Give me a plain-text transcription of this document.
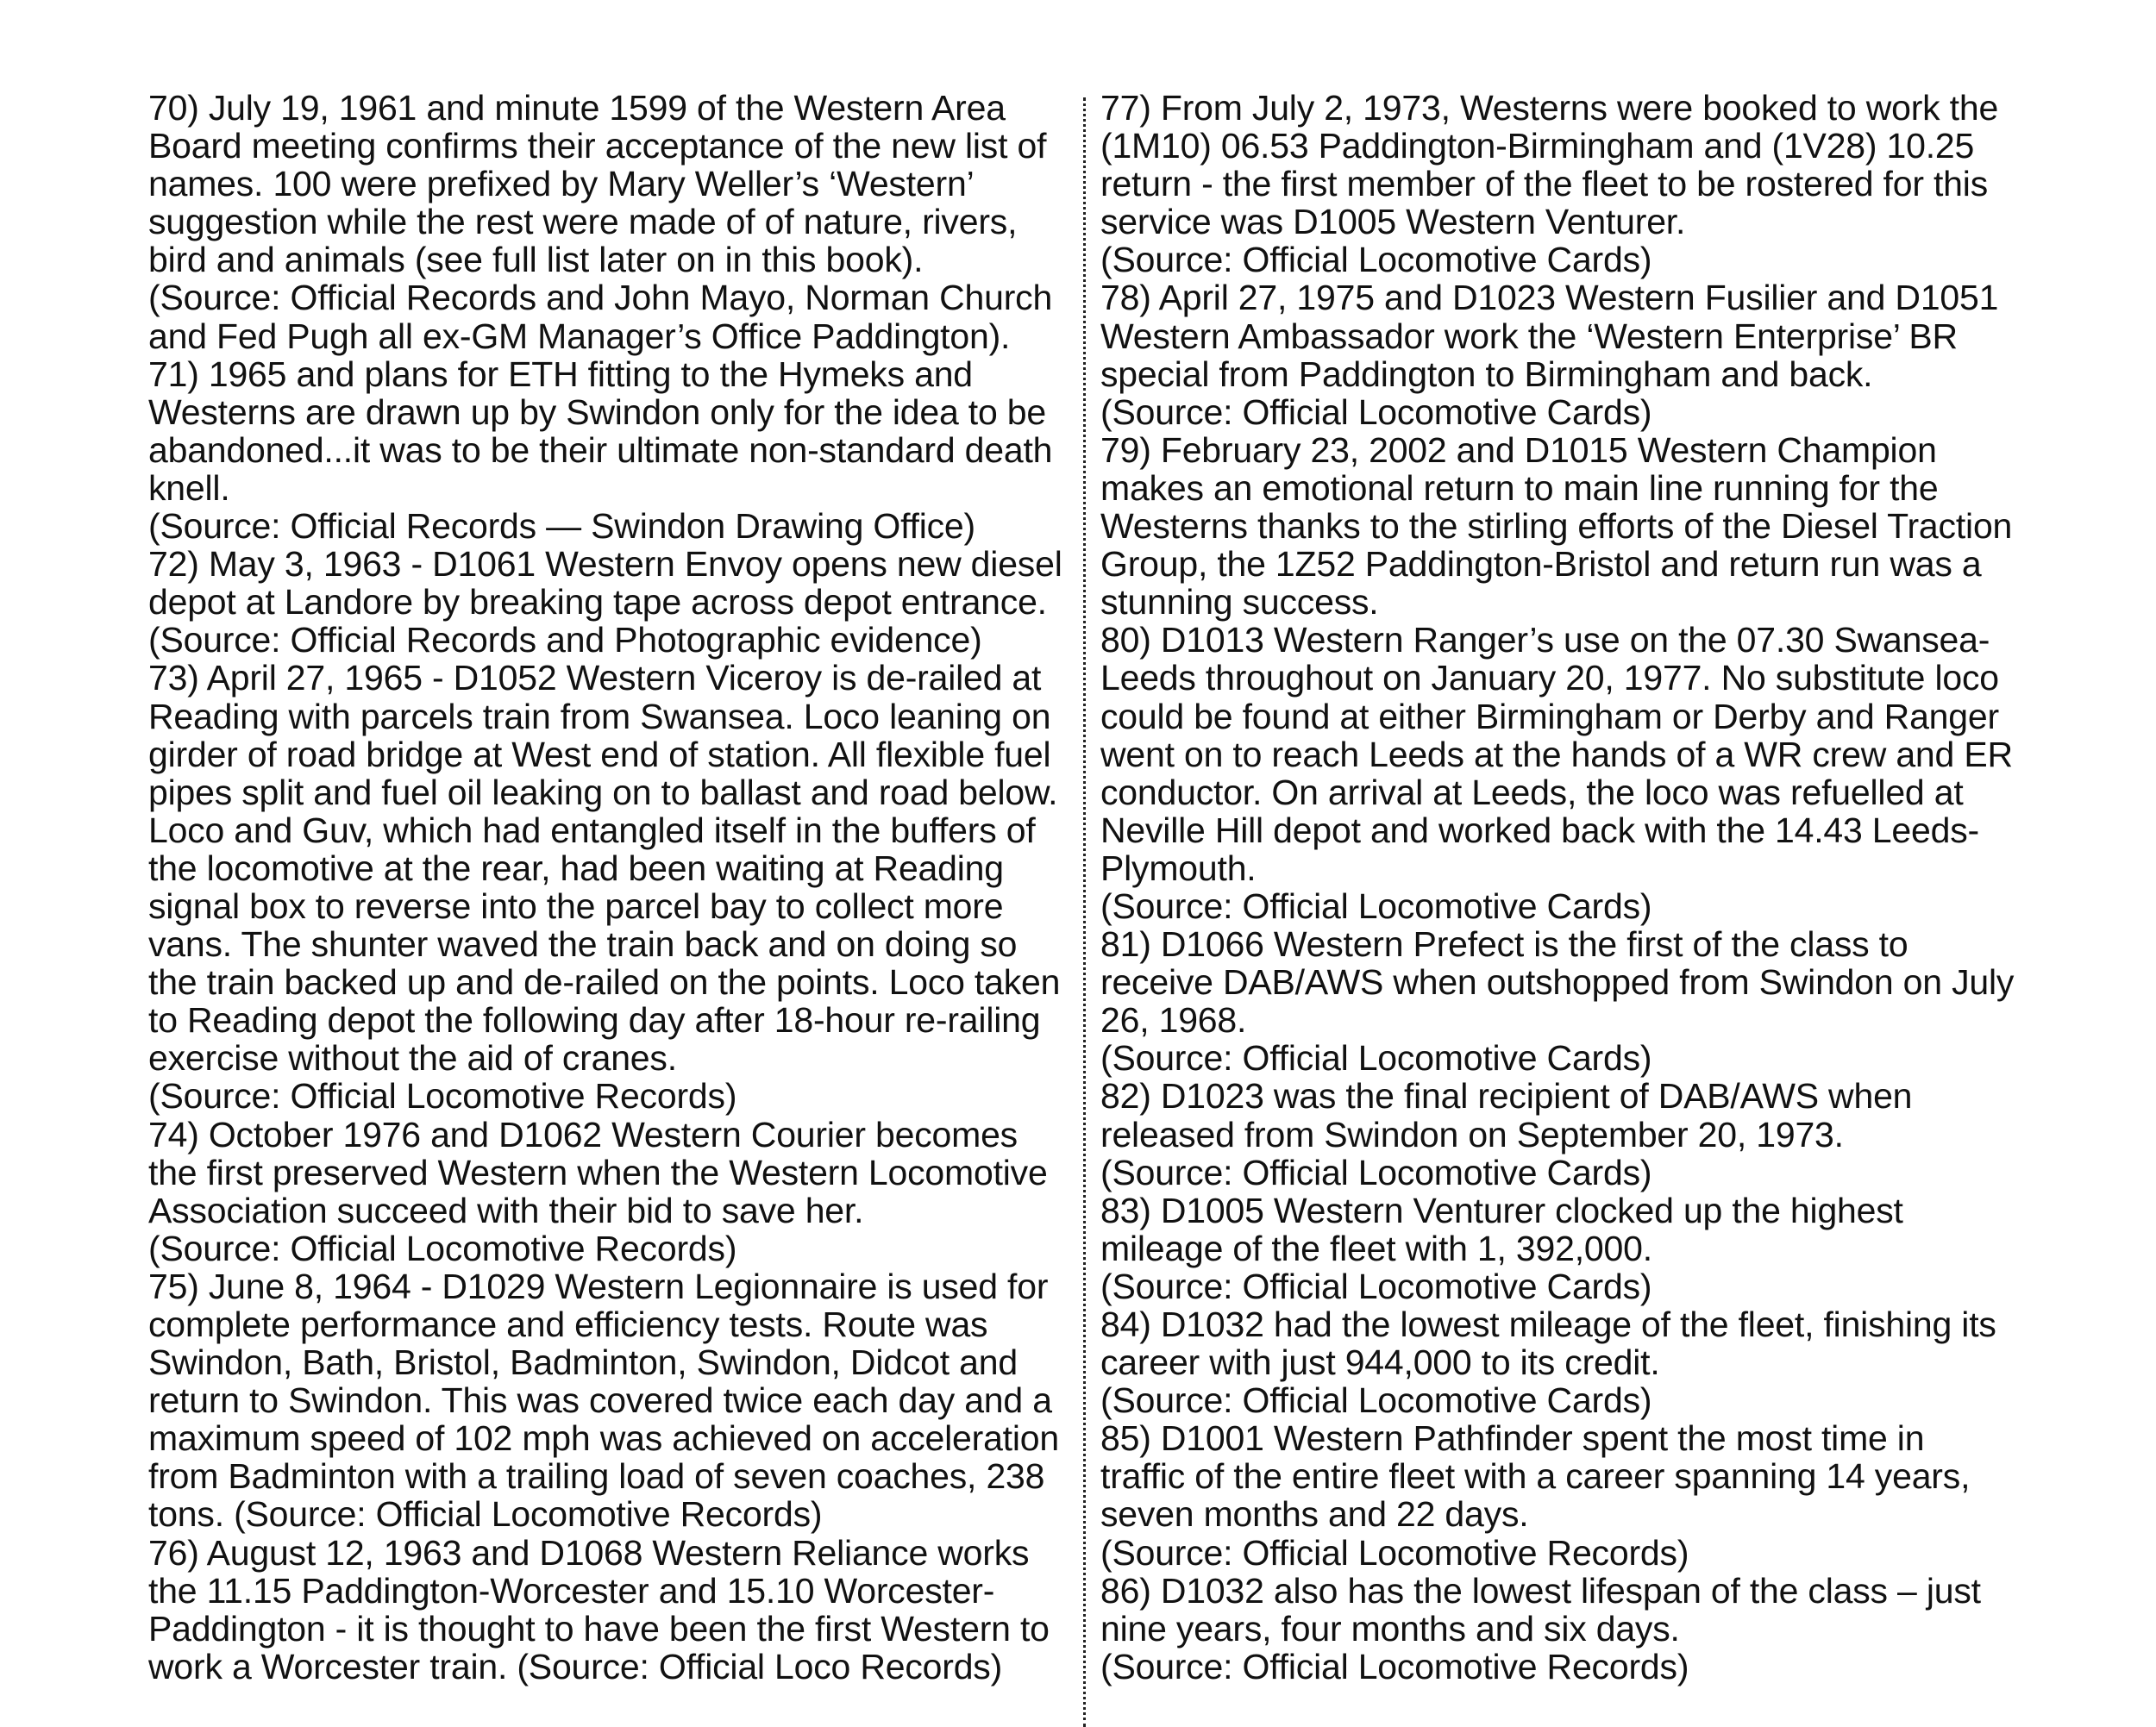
70) July 19, 1961 and minute 1599 of the Western Area
Board meeting confirms their acceptance of the new list of
names. 100 were prefixed by Mary Weller’s ‘Western’
suggestion while the rest were made of of nature, rivers,
bird and animals (see full list later on in this book).
(Source: Official Records and John Mayo, Norman Church
and Fed Pugh all ex-GM Manager’s Office Paddington).
71) 1965 and plans for ETH fitting to the Hymeks and
Westerns are drawn up by Swindon only for the idea to be
abandoned...it was to be their ultimate non-standard death
knell.
(Source: Official Records — Swindon Drawing Office)
72) May 3, 1963 - D1061 Western Envoy opens new diesel
depot at Landore by breaking tape across depot entrance.
(Source: Official Records and Photographic evidence)
73) April 27, 1965 - D1052 Western Viceroy is de-railed at
Reading with parcels train from Swansea. Loco leaning on
girder of road bridge at West end of station. All flexible fuel
pipes split and fuel oil leaking on to ballast and road below.
Loco and Guv, which had entangled itself in the buffers of
the locomotive at the rear, had been waiting at Reading
signal box to reverse into the parcel bay to collect more
vans. The shunter waved the train back and on doing so
the train backed up and de-railed on the points. Loco taken
to Reading depot the following day after 18-hour re-railing
exercise without the aid of cranes.
(Source: Official Locomotive Records)
74) October 1976 and D1062 Western Courier becomes
the first preserved Western when the Western Locomotive
Association succeed with their bid to save her.
(Source: Official Locomotive Records)
75) June 8, 1964 - D1029 Western Legionnaire is used for
complete performance and efficiency tests. Route was
Swindon, Bath, Bristol, Badminton, Swindon, Didcot and
return to Swindon. This was covered twice each day and a
maximum speed of 102 mph was achieved on acceleration
from Badminton with a trailing load of seven coaches, 238
tons. (Source: Official Locomotive Records)
76) August 12, 1963 and D1068 Western Reliance works
the 11.15 Paddington-Worcester and 15.10 Worcester-
Paddington - it is thought to have been the first Western to
work a Worcester train. (Source: Official Loco Records)
77) From July 2, 1973, Westerns were booked to work the
(1M10) 06.53 Paddington-Birmingham and (1V28) 10.25
return - the first member of the fleet to be rostered for this
service was D1005 Western Venturer.
(Source: Official Locomotive Cards)
78) April 27, 1975 and D1023 Western Fusilier and D1051
Western Ambassador work the ‘Western Enterprise’ BR
special from Paddington to Birmingham and back.
(Source: Official Locomotive Cards)
79) February 23, 2002 and D1015 Western Champion
makes an emotional return to main line running for the
Westerns thanks to the stirling efforts of the Diesel Traction
Group, the 1Z52 Paddington-Bristol and return run was a
stunning success.
80) D1013 Western Ranger’s use on the 07.30 Swansea-
Leeds throughout on January 20, 1977. No substitute loco
could be found at either Birmingham or Derby and Ranger
went on to reach Leeds at the hands of a WR crew and ER
conductor. On arrival at Leeds, the loco was refuelled at
Neville Hill depot and worked back with the 14.43 Leeds-
Plymouth.
(Source: Official Locomotive Cards)
81) D1066 Western Prefect is the first of the class to
receive DAB/AWS when outshopped from Swindon on July
26, 1968.
(Source: Official Locomotive Cards)
82) D1023 was the final recipient of DAB/AWS when
released from Swindon on September 20, 1973.
(Source: Official Locomotive Cards)
83) D1005 Western Venturer clocked up the highest
mileage of the fleet with 1, 392,000.
(Source: Official Locomotive Cards)
84) D1032 had the lowest mileage of the fleet, finishing its
career with just 944,000 to its credit.
(Source: Official Locomotive Cards)
85) D1001 Western Pathfinder spent the most time in
traffic of the entire fleet with a career spanning 14 years,
seven months and 22 days.
(Source: Official Locomotive Records)
86) D1032 also has the lowest lifespan of the class – just
nine years, four months and six days.
(Source: Official Locomotive Records)
